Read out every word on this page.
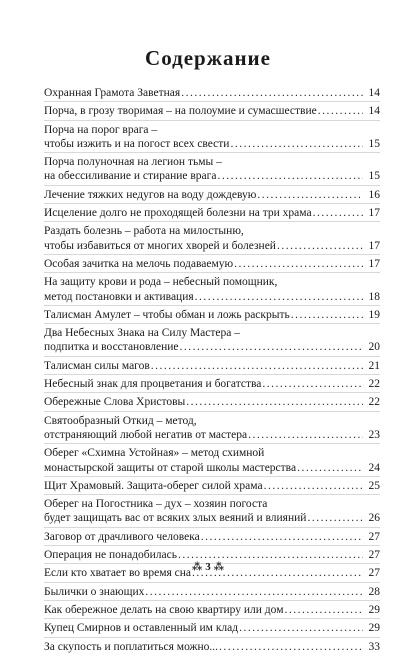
Содержание
Охранная Грамота Заветная .....	14
Порча, в грозу творимая – на полоумие и сумасшествие .....	14
Порча на порог врага –
чтобы изжить и на погост всех свести .....	15
Порча полуночная на легион тьмы –
на обессиливание и стирание врага .....	15
Лечение тяжких недугов на воду дождевую .....	16
Исцеление долго не проходящей болезни на три храма .....	17
Раздать болезнь – работа на милостыню,
чтобы избавиться от многих хворей и болезней .....	17
Особая зачитка на мелочь подаваемую .....	17
На защиту крови и рода – небесный помощник,
метод постановки и активация .....	18
Талисман Амулет – чтобы обман и ложь раскрыть .....	19
Два Небесных Знака на Силу Мастера –
подпитка и восстановление .....	20
Талисман силы магов .....	21
Небесный знак для процветания и богатства .....	22
Обережные Слова Христовы .....	22
Святообразный Откид – метод,
отстраняющий любой негатив от мастера .....	23
Оберег «Схимна Устойная» – метод схимной
монастырской защиты от старой школы мастерства .....	24
Щит Храмовый. Защита-оберег силой храма .....	25
Оберег на Погостника – дух – хозяин погоста
будет защищать вас от всяких злых веяний и влияний .....	26
Заговор от драчливого человека .....	27
Операция не понадобилась .....	27
Если кто хватает во время сна .....	27
Былички о знающих .....	28
Как обережное делать на свою квартиру или дом .....	29
Купец Смирнов и оставленный им клад .....	29
За скупость и поплатиться можно... .....	33
⁂ 3 ⁂
